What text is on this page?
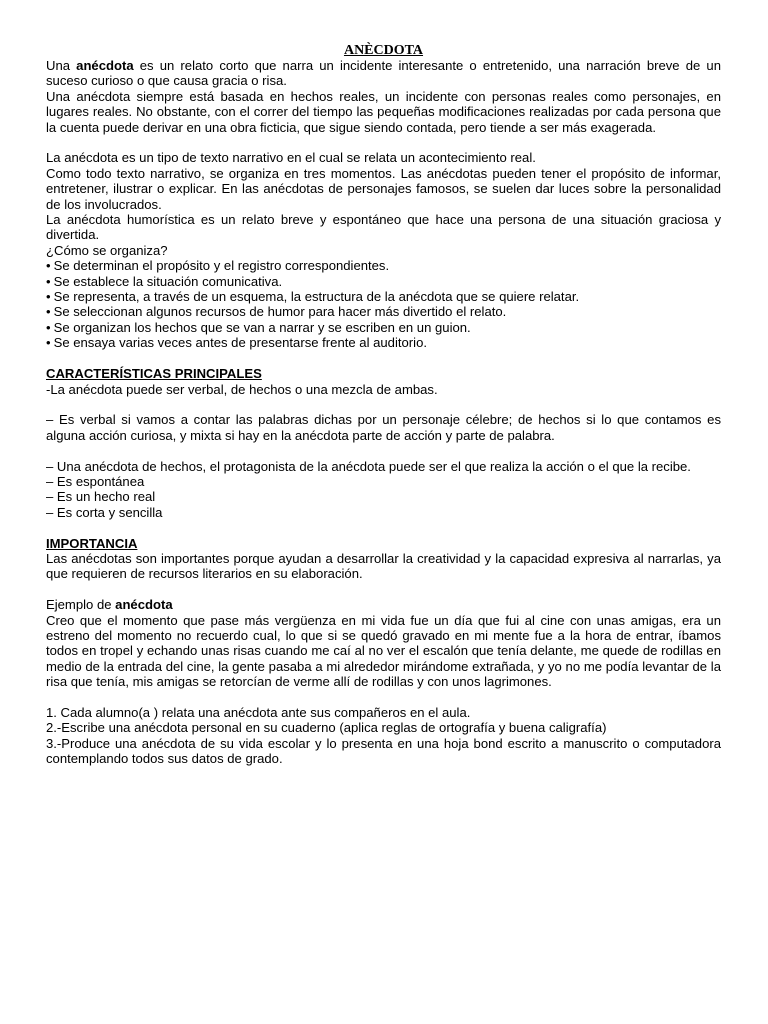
ANÈCDOTA

Una anécdota es un relato corto que narra un incidente interesante o entretenido, una narración breve de un suceso curioso o que causa gracia o risa.

Una anécdota siempre está basada en hechos reales, un incidente con personas reales como personajes, en lugares reales. No obstante, con el correr del tiempo las pequeñas modificaciones realizadas por cada persona que la cuenta puede derivar en una obra ficticia, que sigue siendo contada, pero tiende a ser más exagerada.

La anécdota es un tipo de texto narrativo en el cual se relata un acontecimiento real.

Como todo texto narrativo, se organiza en tres momentos. Las anécdotas pueden tener el propósito de informar, entretener, ilustrar o explicar. En las anécdotas de personajes famosos, se suelen dar luces sobre la personalidad de los involucrados.

La anécdota humorística es un relato breve y espontáneo que hace una persona de una situación graciosa y divertida.

¿Cómo se organiza?

• Se determinan el propósito y el registro correspondientes.
• Se establece la situación comunicativa.
• Se representa, a través de un esquema, la estructura de la anécdota que se quiere relatar.
• Se seleccionan algunos recursos de humor para hacer más divertido el relato.
• Se organizan los hechos que se van a narrar y se escriben en un guion.
• Se ensaya varias veces antes de presentarse frente al auditorio.

CARACTERÍSTICAS PRINCIPALES

-La anécdota puede ser verbal, de hechos o una mezcla de ambas.

– Es verbal si vamos a contar las palabras dichas por un personaje célebre; de hechos si lo que contamos es alguna acción curiosa, y mixta si hay en la anécdota parte de acción y parte de palabra.

– Una anécdota de hechos, el protagonista de la anécdota puede ser el que realiza la acción o el que la recibe.

– Es espontánea

– Es un hecho real

– Es corta y sencilla

IMPORTANCIA

Las anécdotas son importantes porque ayudan a desarrollar la creatividad y la capacidad expresiva al narrarlas, ya que requieren de recursos literarios en su elaboración.

Ejemplo de anécdota

Creo que el momento que pase más vergüenza en mi vida fue un día que fui al cine con unas amigas, era un estreno del momento no recuerdo cual, lo que si se quedó gravado en mi mente fue a la hora de entrar, íbamos todos en tropel y echando unas risas cuando me caí al no ver el escalón que tenía delante, me quede de rodillas en medio de la entrada del cine, la gente pasaba a mi alrededor mirándome extrañada, y yo no me podía levantar de la risa que tenía, mis amigas se retorcían de verme allí de rodillas y con unos lagrimones.

1. Cada alumno(a ) relata una anécdota ante sus compañeros en el aula.

2.-Escribe una anécdota personal en su cuaderno (aplica reglas de ortografía y buena caligrafía)

3.-Produce una anécdota de su vida escolar y lo presenta en una hoja bond escrito a manuscrito o computadora contemplando todos sus datos de grado.
